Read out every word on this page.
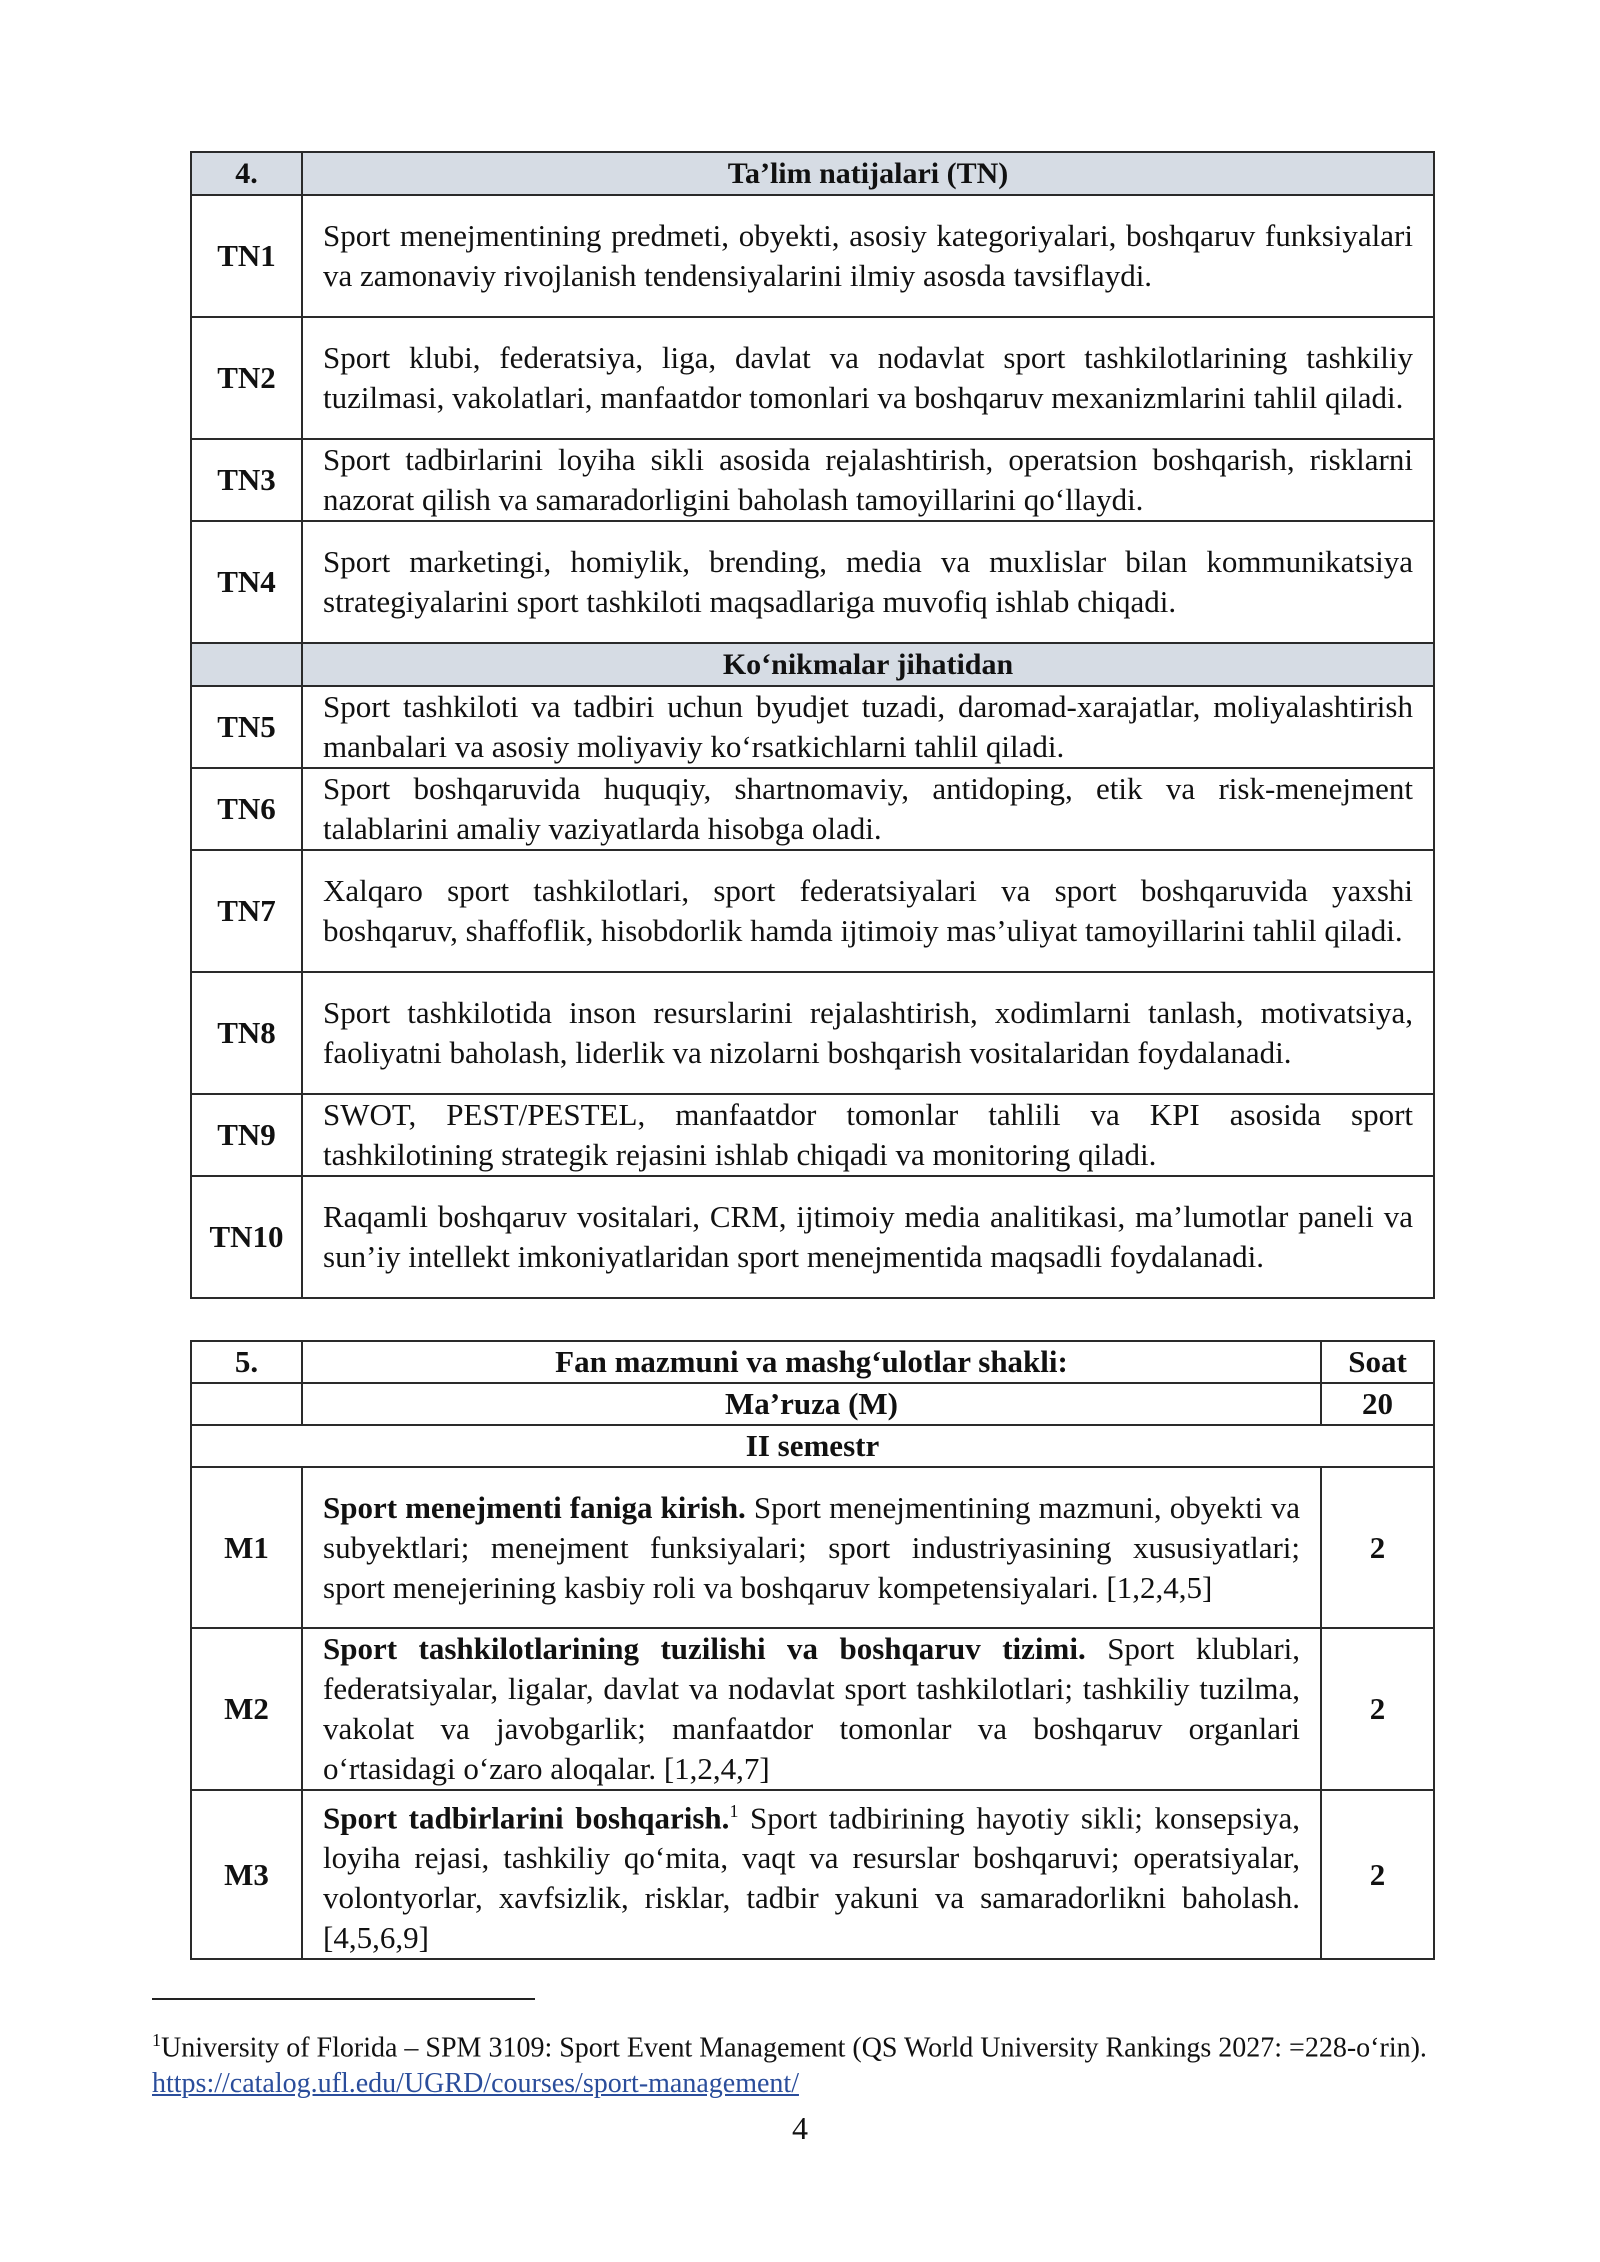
4.	Ta’lim natijalari (TN)
TN1	Sport menejmentining predmeti, obyekti, asosiy kategoriyalari, boshqaruv funksiyalari va zamonaviy rivojlanish tendensiyalarini ilmiy asosda tavsiflaydi.
TN2	Sport klubi, federatsiya, liga, davlat va nodavlat sport tashkilotlarining tashkiliy tuzilmasi, vakolatlari, manfaatdor tomonlari va boshqaruv mexanizmlarini tahlil qiladi.
TN3	Sport tadbirlarini loyiha sikli asosida rejalashtirish, operatsion boshqarish, risklarni nazorat qilish va samaradorligini baholash tamoyillarini qo‘llaydi.
TN4	Sport marketingi, homiylik, brending, media va muxlislar bilan kommunikatsiya strategiyalarini sport tashkiloti maqsadlariga muvofiq ishlab chiqadi.
	Ko‘nikmalar jihatidan
TN5	Sport tashkiloti va tadbiri uchun byudjet tuzadi, daromad-xarajatlar, moliyalashtirish manbalari va asosiy moliyaviy ko‘rsatkichlarni tahlil qiladi.
TN6	Sport boshqaruvida huquqiy, shartnomaviy, antidoping, etik va risk-menejment talablarini amaliy vaziyatlarda hisobga oladi.
TN7	Xalqaro sport tashkilotlari, sport federatsiyalari va sport boshqaruvida yaxshi boshqaruv, shaffoflik, hisobdorlik hamda ijtimoiy mas’uliyat tamoyillarini tahlil qiladi.
TN8	Sport tashkilotida inson resurslarini rejalashtirish, xodimlarni tanlash, motivatsiya, faoliyatni baholash, liderlik va nizolarni boshqarish vositalaridan foydalanadi.
TN9	SWOT, PEST/PESTEL, manfaatdor tomonlar tahlili va KPI asosida sport tashkilotining strategik rejasini ishlab chiqadi va monitoring qiladi.
TN10	Raqamli boshqaruv vositalari, CRM, ijtimoiy media analitikasi, ma’lumotlar paneli va sun’iy intellekt imkoniyatlaridan sport menejmentida maqsadli foydalanadi.
5.	Fan mazmuni va mashg‘ulotlar shakli:	Soat
	Ma’ruza (M)	20
II semestr		
M1	Sport menejmenti faniga kirish. Sport menejmentining mazmuni, obyekti va subyektlari; menejment funksiyalari; sport industriyasining xususiyatlari; sport menejerining kasbiy roli va boshqaruv kompetensiyalari. [1,2,4,5]	2
M2	Sport tashkilotlarining tuzilishi va boshqaruv tizimi. Sport klublari, federatsiyalar, ligalar, davlat va nodavlat sport tashkilotlari; tashkiliy tuzilma, vakolat va javobgarlik; manfaatdor tomonlar va boshqaruv organlari o‘rtasidagi o‘zaro aloqalar. [1,2,4,7]	2
M3	Sport tadbirlarini boshqarish.$^1$ Sport tadbirining hayotiy sikli; konsepsiya, loyiha rejasi, tashkiliy qo‘mita, vaqt va resurslar boshqaruvi; operatsiyalar, volontyorlar, xavfsizlik, risklar, tadbir yakuni va samaradorlikni baholash. [4,5,6,9]	2
$^1$University of Florida – SPM 3109: Sport Event Management (QS World University Rankings 2027: =228-o‘rin). https://catalog.ufl.edu/UGRD/courses/sport-management/
4
